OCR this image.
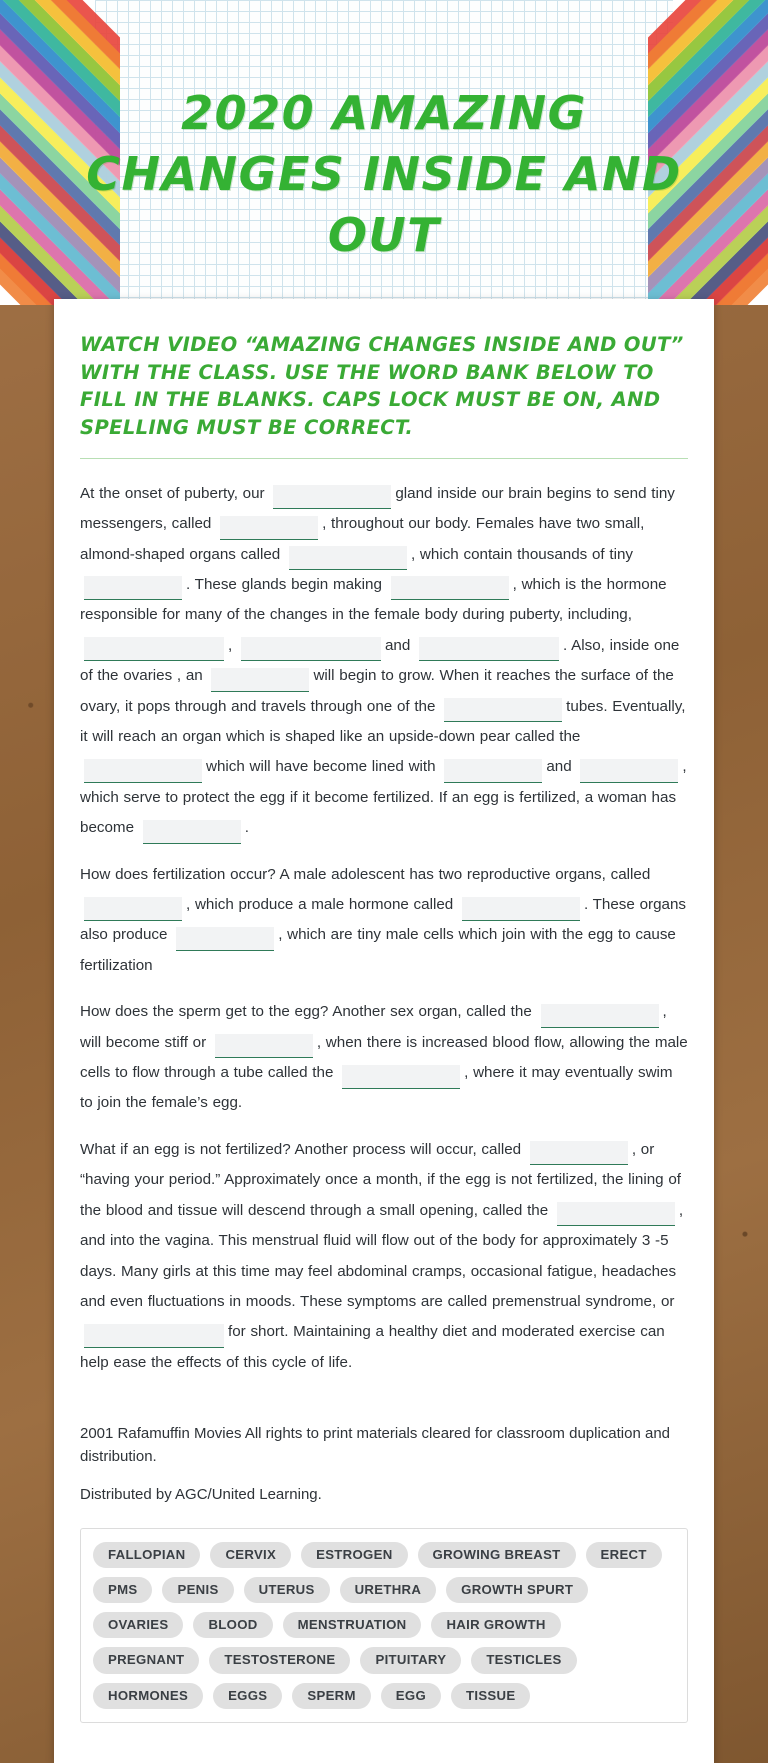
2020 AMAZING CHANGES INSIDE AND OUT

WATCH VIDEO “AMAZING CHANGES INSIDE AND OUT” WITH THE CLASS. USE THE WORD BANK BELOW TO FILL IN THE BLANKS. CAPS LOCK MUST BE ON, AND SPELLING MUST BE CORRECT.

At the onset of puberty, our	gland inside our brain begins to send tiny messengers, called	, throughout our body. Females have two small, almond-shaped organs called	, which contain thousands of tiny . These glands begin making	, which is the hormone responsible for many of the changes in the female body during puberty, including, ,	and	. Also, inside one of the ovaries , an	will begin to grow. When it reaches the surface of the ovary, it pops through and travels through one of the	tubes. Eventually, it will reach an organ which is shaped like an upside-down pear called the which will have become lined with	and	, which serve to protect the egg if it become fertilized. If an egg is fertilized, a woman has become	.

How does fertilization occur? A male adolescent has two reproductive organs, called , which produce a male hormone called	. These organs also produce	, which are tiny male cells which join with the egg to cause fertilization

How does the sperm get to the egg? Another sex organ, called the	, will become stiff or	, when there is increased blood flow, allowing the male cells to flow through a tube called the	, where it may eventually swim to join the female’s egg.

What if an egg is not fertilized? Another process will occur, called	, or “having your period.” Approximately once a month, if the egg is not fertilized, the lining of the blood and tissue will descend through a small opening, called the	, and into the vagina. This menstrual fluid will flow out of the body for approximately 3 -5 days. Many girls at this time may feel abdominal cramps, occasional fatigue, headaches and even fluctuations in moods. These symptoms are called premenstrual syndrome, or for short. Maintaining a healthy diet and moderated exercise can help ease the effects of this cycle of life.

2001 Rafamuffin Movies All rights to print materials cleared for classroom duplication and distribution.

Distributed by AGC/United Learning.

FALLOPIAN	CERVIX	ESTROGEN	GROWING BREAST	ERECT
PMS	PENIS	UTERUS	URETHRA	GROWTH SPURT
OVARIES	BLOOD	MENSTRUATION	HAIR GROWTH
PREGNANT	TESTOSTERONE	PITUITARY	TESTICLES
HORMONES	EGGS	SPERM	EGG	TISSUE
